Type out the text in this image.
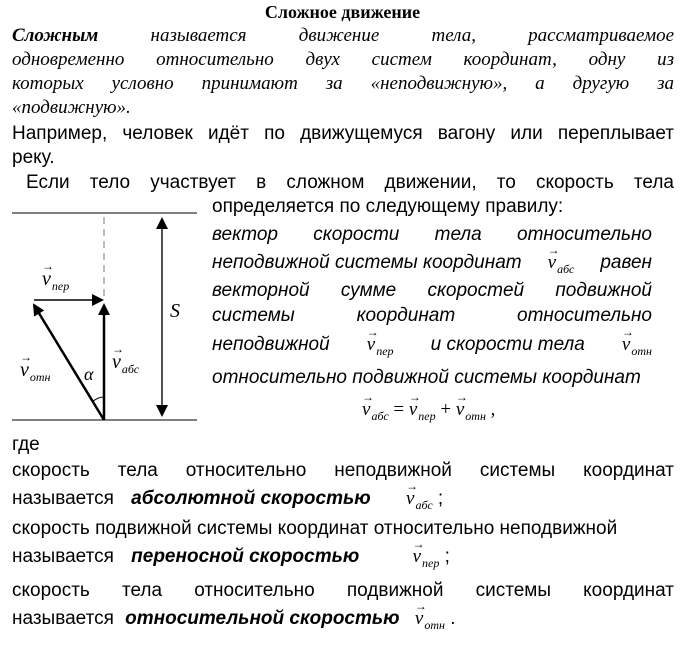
Сложное движение
Сложным	называется движение тела, рассматриваемое
одновременно относительно двух систем координат, одну из
которых условно принимают за «неподвижную», а другую за
«подвижную».
Например, человек идёт по движущемуся вагону или переплывает
реку.
Если тело участвует в сложном движении, то скорость тела
→
$v_{пер}$
→
$v_{отн}$
→
$v_{абс}$
α
S
определяется по следующему правилу:
вектор скорости тела относительно
неподвижной системы координат
→
$v_{абс}$ равен
векторной сумме скоростей подвижной
системы координат относительно
неподвижной
→
$v_{пер}$ и скорости тела
→
$v_{отн}$
относительно подвижной системы координат
→
$v_{абс}$ =
→
$v_{пер}$ +
→
$v_{отн}$ ,
где
скорость тела относительно неподвижной системы координат
называется абсолютной скоростью
→
$v_{абс}$ ;
скорость подвижной системы координат относительно неподвижной
называется переносной скоростью
→
$v_{пер}$ ;
скорость тела относительно подвижной системы координат
называется относительной скоростью
→
$v_{отн}$ .
